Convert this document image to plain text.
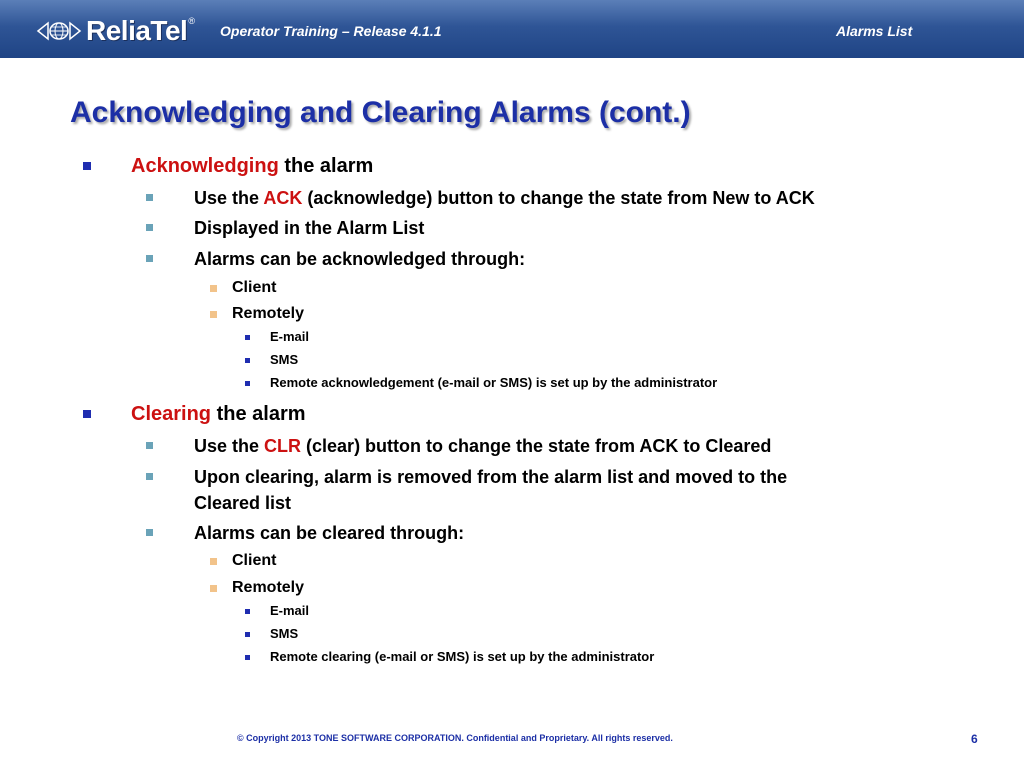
ReliaTel ®
Operator Training – Release 4.1.1	Alarms List
Acknowledging and Clearing Alarms (cont.)
Acknowledging the alarm
Use the ACK (acknowledge) button to change the state from New to ACK
Displayed in the Alarm List
Alarms can be acknowledged through:
Client
Remotely
E-mail
SMS
Remote acknowledgement (e-mail or SMS) is set up by the administrator
Clearing the alarm
Use the CLR (clear) button to change the state from ACK to Cleared
Upon clearing, alarm is removed from the alarm list and moved to the
Cleared list
Alarms can be cleared through:
Client
Remotely
E-mail
SMS
Remote clearing (e-mail or SMS) is set up by the administrator
© Copyright 2013 TONE SOFTWARE CORPORATION. Confidential and Proprietary. All rights reserved.	6
